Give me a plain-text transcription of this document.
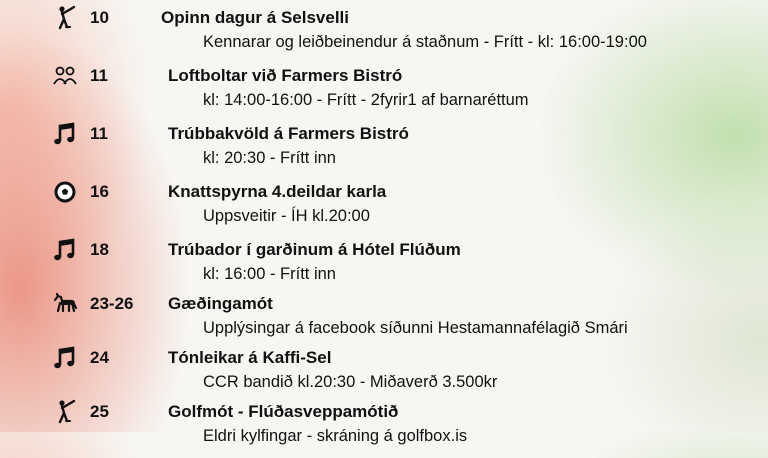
10	Opinn dagur á Selsvelli
Kennarar og leiðbeinendur á staðnum - Frítt - kl: 16:00-19:00
11	Loftboltar við Farmers Bistró
kl: 14:00-16:00 - Frítt - 2fyrir1 af barnaréttum
11	Trúbbakvöld á Farmers Bistró
kl: 20:30 - Frítt inn
16	Knattspyrna 4.deildar karla
Uppsveitir - ÍH kl.20:00
18	Trúbador í garðinum á Hótel Flúðum
kl: 16:00 - Frítt inn
23-26 Gæðingamót
Upplýsingar á facebook síðunni Hestamannafélagið Smári
24	Tónleikar á Kaffi-Sel
CCR bandið kl.20:30 - Miðaverð 3.500kr
25	Golfmót - Flúðasveppamótið
Eldri kylfingar - skráning á golfbox.is
